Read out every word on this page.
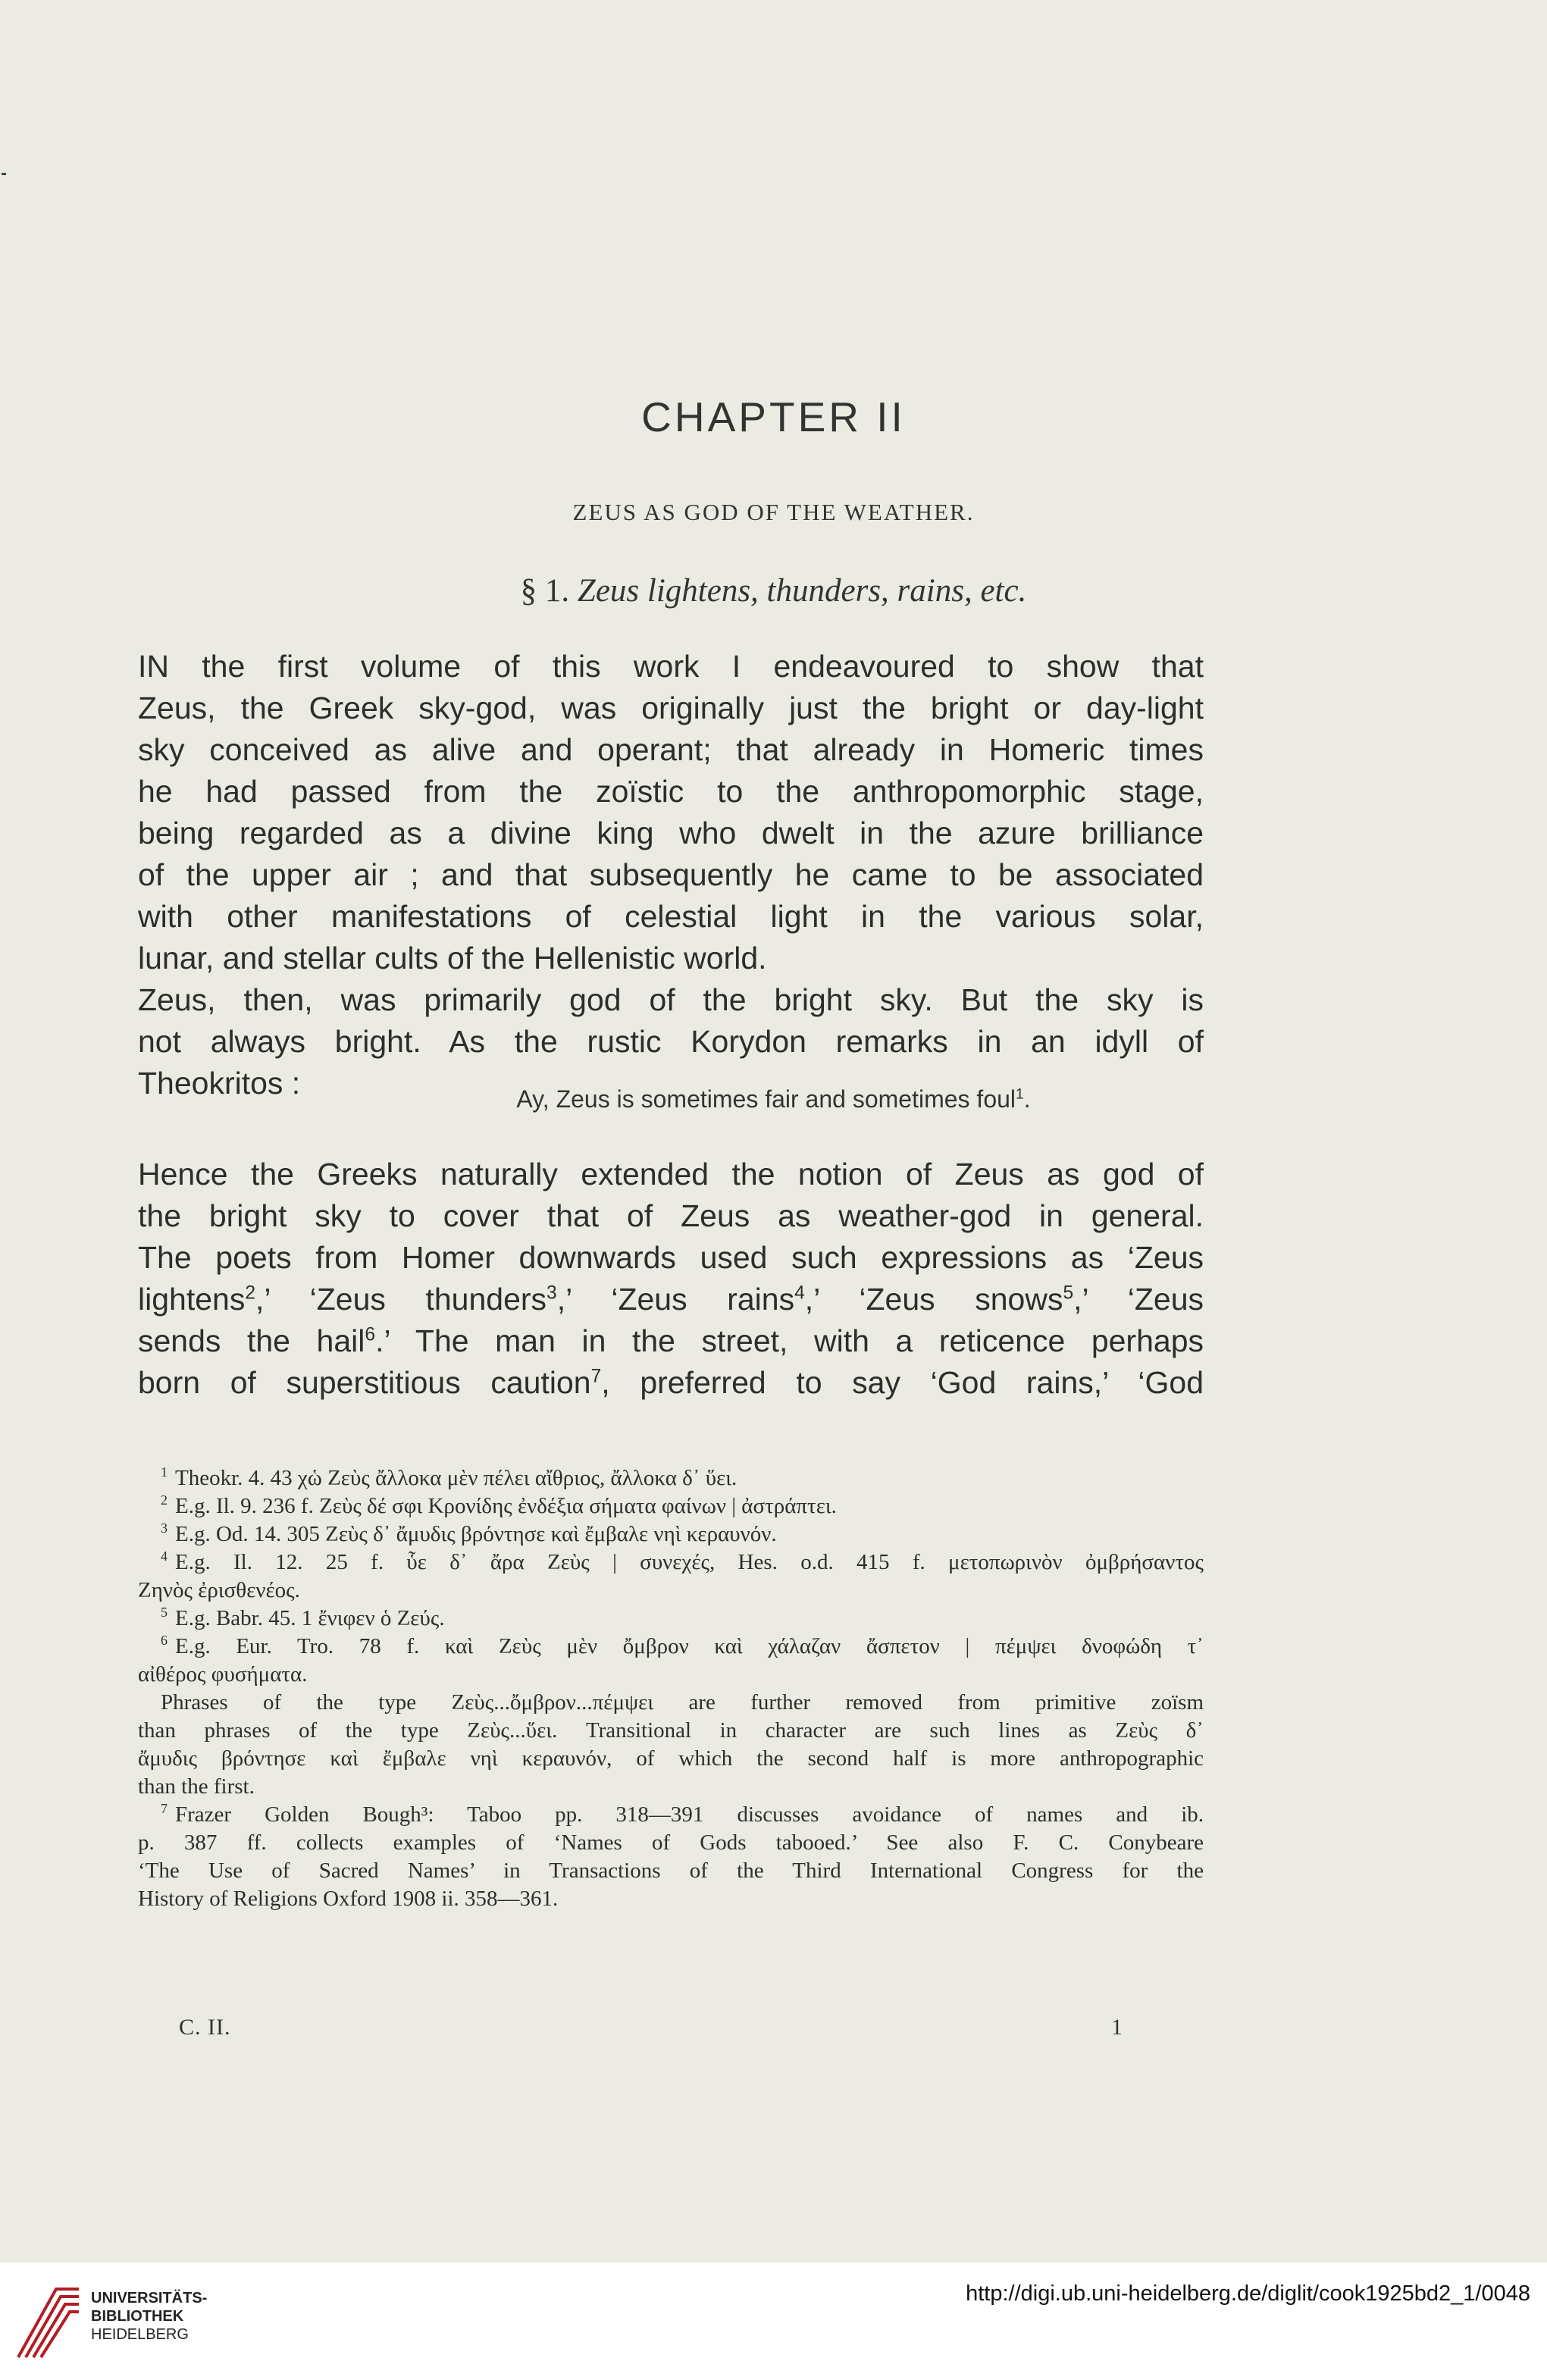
CHAPTER II
ZEUS AS GOD OF THE WEATHER.
§ 1. Zeus lightens, thunders, rains, etc.
IN the first volume of this work I endeavoured to show that
Zeus, the Greek sky-god, was originally just the bright or day-light
sky conceived as alive and operant; that already in Homeric times
he had passed from the zoïstic to the anthropomorphic stage,
being regarded as a divine king who dwelt in the azure brilliance
of the upper air ; and that subsequently he came to be associated
with other manifestations of celestial light in the various solar,
lunar, and stellar cults of the Hellenistic world.
Zeus, then, was primarily god of the bright sky. But the sky is
not always bright. As the rustic Korydon remarks in an idyll of
Theokritos :	Ay, Zeus is sometimes fair and sometimes foul$^1$.
Hence the Greeks naturally extended the notion of Zeus as god of
the bright sky to cover that of Zeus as weather-god in general.
The poets from Homer downwards used such expressions as ‘Zeus
lightens$^2$,’ ‘Zeus thunders$^3$,’ ‘Zeus rains$^4$,’ ‘Zeus snows$^5$,’ ‘Zeus
sends the hail$^6$.’ The man in the street, with a reticence perhaps
born of superstitious caution$^7$, preferred to say ‘God rains,’ ‘God
$^1$ Theokr. 4. 43 χὡ Ζεὺς ἄλλοκα μὲν πέλει αἴθριος, ἄλλοκα δ᾽ ὕει.
$^2$ E.g. Il. 9. 236 f. Ζεὺς δέ σφι Κρονίδης ἐνδέξια σήματα φαίνων | ἀστράπτει.
$^3$ E.g. Od. 14. 305 Ζεὺς δ᾽ ἄμυδις βρόντησε καὶ ἔμβαλε νηὶ κεραυνόν.
$^4$ E.g. Il. 12. 25 f. ὗε δ᾽ ἄρα Ζεὺς | συνεχές, Hes. o.d. 415 f. μετοπωρινὸν ὀμβρήσαντος
Ζηνὸς ἐρισθενέος.
$^5$ E.g. Babr. 45. 1 ἔνιφεν ὁ Ζεύς.
$^6$ E.g. Eur. Tro. 78 f. καὶ Ζεὺς μὲν ὄμβρον καὶ χάλαζαν ἄσπετον | πέμψει δνοφώδη τ᾽
αἰθέρος φυσήματα.
Phrases of the type Ζεὺς...ὄμβρον...πέμψει are further removed from primitive zoïsm
than phrases of the type Ζεὺς...ὕει. Transitional in character are such lines as Ζεὺς δ᾽
ἄμυδις βρόντησε καὶ ἔμβαλε νηὶ κεραυνόν, of which the second half is more anthropographic
than the first.
$^7$ Frazer Golden Bough³: Taboo pp. 318—391 discusses avoidance of names and ib.
p. 387 ff. collects examples of ‘Names of Gods tabooed.’ See also F. C. Conybeare
‘The Use of Sacred Names’ in Transactions of the Third International Congress for the
History of Religions Oxford 1908 ii. 358—361.
C. II.	1
UNIVERSITÄTS-
BIBLIOTHEK
HEIDELBERG
http://digi.ub.uni-heidelberg.de/diglit/cook1925bd2_1/0048
